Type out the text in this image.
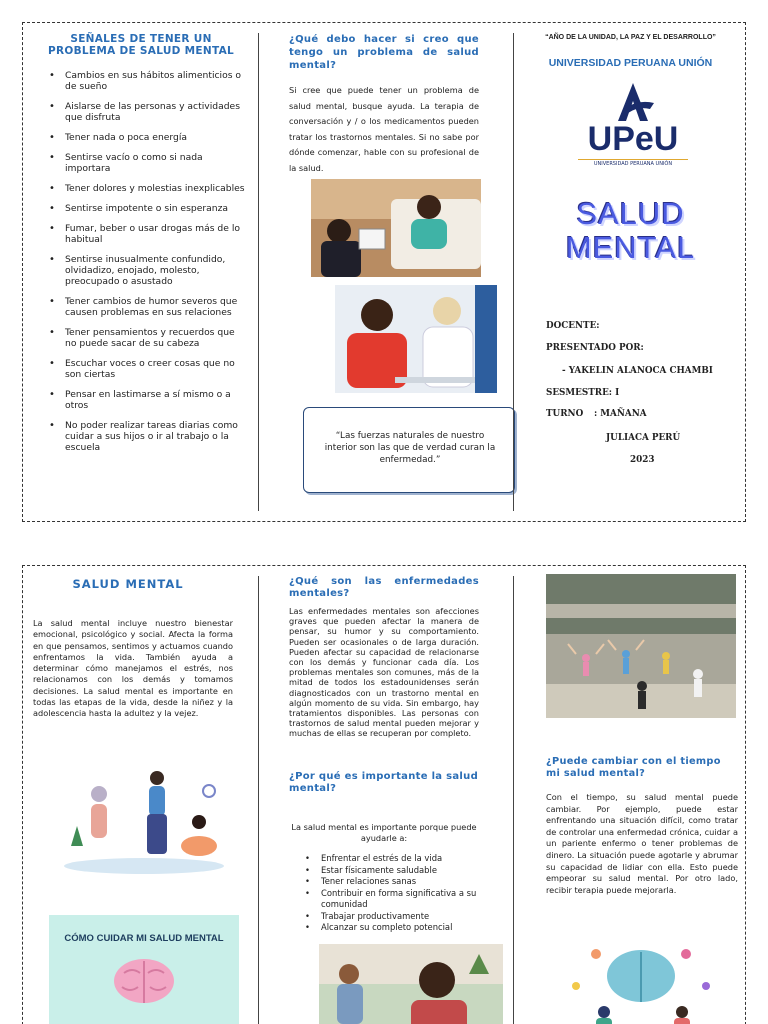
SEÑALES DE TENER UN PROBLEMA DE SALUD MENTAL
• Cambios en sus hábitos alimenticios o de sueño
• Aislarse de las personas y actividades que disfruta
• Tener nada o poca energía
• Sentirse vacío o como si nada importara
• Tener dolores y molestias inexplicables
• Sentirse impotente o sin esperanza
• Fumar, beber o usar drogas más de lo habitual
• Sentirse inusualmente confundido, olvidadizo, enojado, molesto, preocupado o asustado
• Tener cambios de humor severos que causen problemas en sus relaciones
• Tener pensamientos y recuerdos que no puede sacar de su cabeza
• Escuchar voces o creer cosas que no son ciertas
• Pensar en lastimarse a sí mismo o a otros
• No poder realizar tareas diarias como cuidar a sus hijos o ir al trabajo o la escuela
¿Qué debo hacer si creo que tengo un problema de salud mental?
Si cree que puede tener un problema de salud mental, busque ayuda. La terapia de conversación y / o los medicamentos pueden tratar los trastornos mentales. Si no sabe por dónde comenzar, hable con su profesional de la salud.
“Las fuerzas naturales de nuestro interior son las que de verdad curan la enfermedad.”
“AÑO DE LA UNIDAD, LA PAZ Y EL DESARROLLO”
UNIVERSIDAD PERUANA UNIÓN
UPeU
UNIVERSIDAD PERUANA UNIÓN
SALUD
MENTAL
DOCENTE:
PRESENTADO POR:
- YAKELIN ALANOCA CHAMBI
SESMESTRE: I
TURNO : MAÑANA
JULIACA PERÚ
2023
SALUD MENTAL
La salud mental incluye nuestro bienestar emocional, psicológico y social. Afecta la forma en que pensamos, sentimos y actuamos cuando enfrentamos la vida. También ayuda a determinar cómo manejamos el estrés, nos relacionamos con los demás y tomamos decisiones. La salud mental es importante en todas las etapas de la vida, desde la niñez y la adolescencia hasta la adultez y la vejez.
CÓMO CUIDAR MI SALUD MENTAL
¿Qué son las enfermedades mentales?
Las enfermedades mentales son afecciones graves que pueden afectar la manera de pensar, su humor y su comportamiento. Pueden ser ocasionales o de larga duración. Pueden afectar su capacidad de relacionarse con los demás y funcionar cada día. Los problemas mentales son comunes, más de la mitad de todos los estadounidenses serán diagnosticados con un trastorno mental en algún momento de su vida. Sin embargo, hay tratamientos disponibles. Las personas con trastornos de salud mental pueden mejorar y muchas de ellas se recuperan por completo.
¿Por qué es importante la salud mental?
La salud mental es importante porque puede ayudarle a:
• Enfrentar el estrés de la vida
• Estar físicamente saludable
• Tener relaciones sanas
• Contribuir en forma significativa a su comunidad
• Trabajar productivamente
• Alcanzar su completo potencial
¿Puede cambiar con el tiempo mi salud mental?
Con el tiempo, su salud mental puede cambiar. Por ejemplo, puede estar enfrentando una situación difícil, como tratar de controlar una enfermedad crónica, cuidar a un pariente enfermo o tener problemas de dinero. La situación puede agotarle y abrumar su capacidad de lidiar con ella. Esto puede empeorar su salud mental. Por otro lado, recibir terapia puede mejorarla.
